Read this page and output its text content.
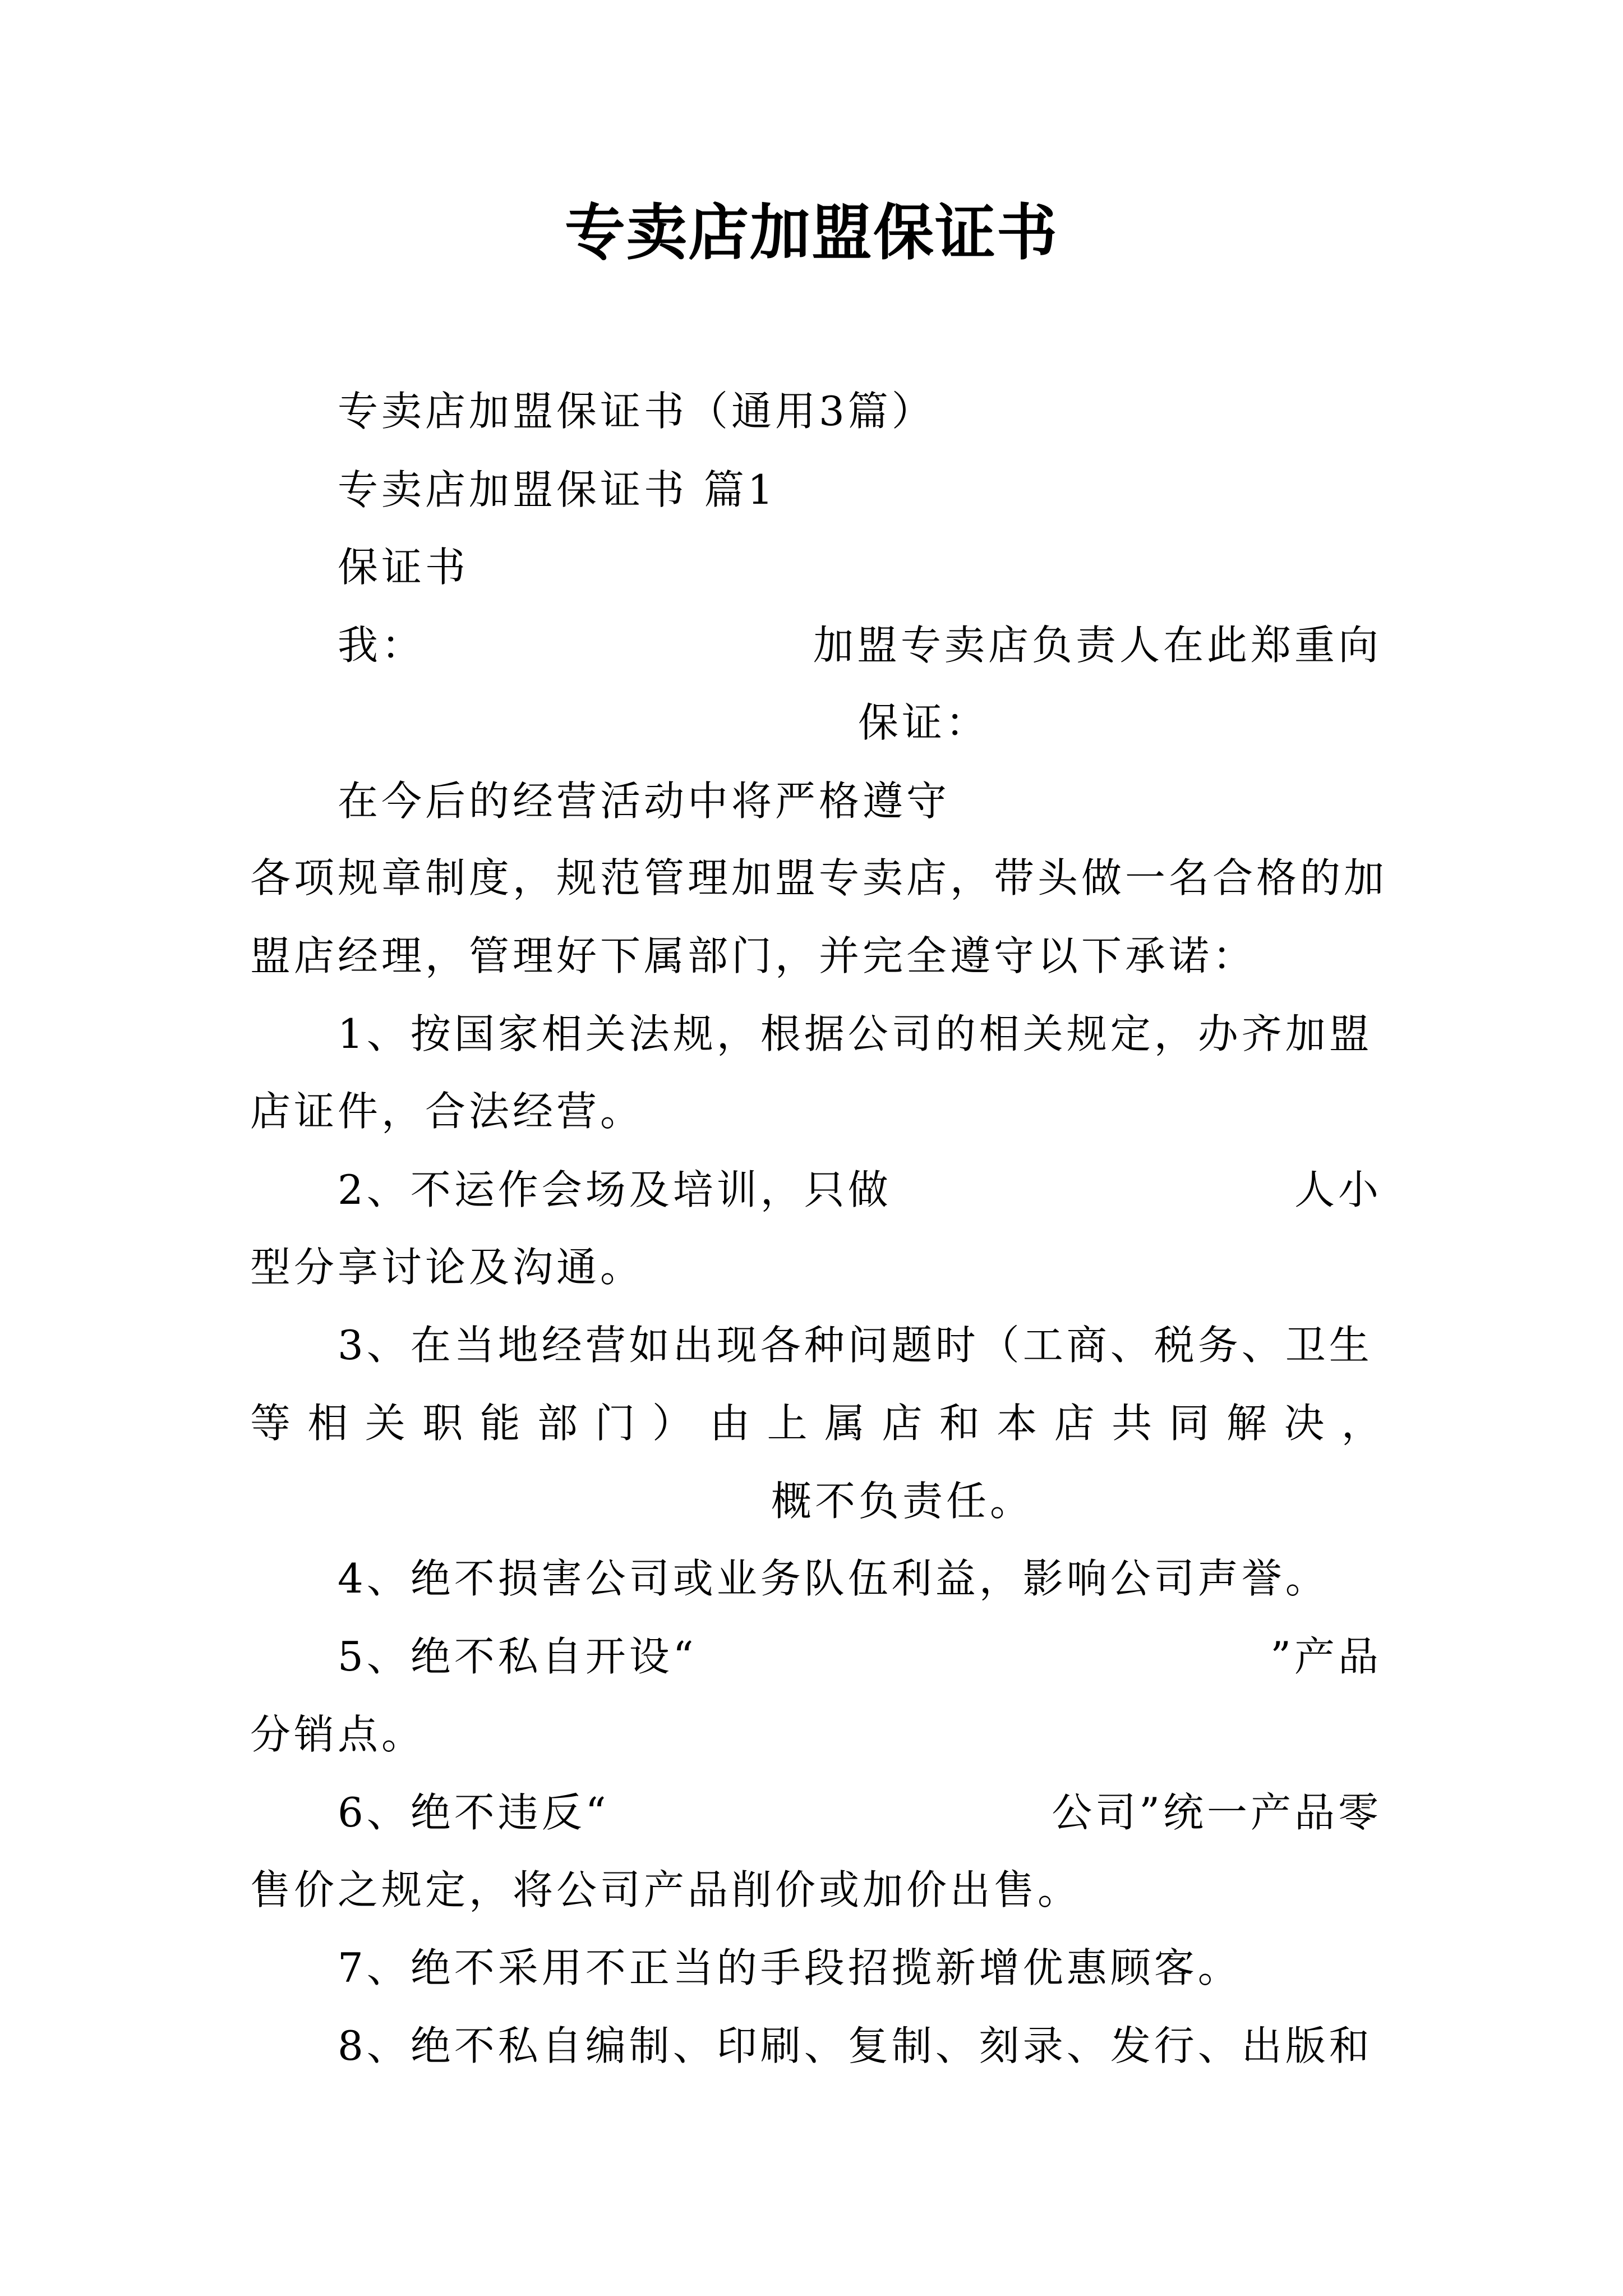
专卖店加盟保证书
专卖店加盟保证书（通用3篇）
专卖店加盟保证书 篇1
保证书
我：	加盟专卖店负责人在此郑重向
保证：
在今后的经营活动中将严格遵守
各项规章制度，规范管理加盟专卖店，带头做一名合格的加
盟店经理，管理好下属部门，并完全遵守以下承诺：
1、按国家相关法规，根据公司的相关规定，办齐加盟
店证件，合法经营。
2、不运作会场及培训，只做	人小
型分享讨论及沟通。
3、在当地经营如出现各种问题时（工商、税务、卫生
等 相 关 职 能 部 门 ） 由 上 属 店 和 本 店 共 同 解 决 ，
概不负责任。
4、绝不损害公司或业务队伍利益，影响公司声誉。
5、绝不私自开设“	”产品
分销点。
6、绝不违反“	公司”统一产品零
售价之规定，将公司产品削价或加价出售。
7、绝不采用不正当的手段招揽新增优惠顾客。
8、绝不私自编制、印刷、复制、刻录、发行、出版和
